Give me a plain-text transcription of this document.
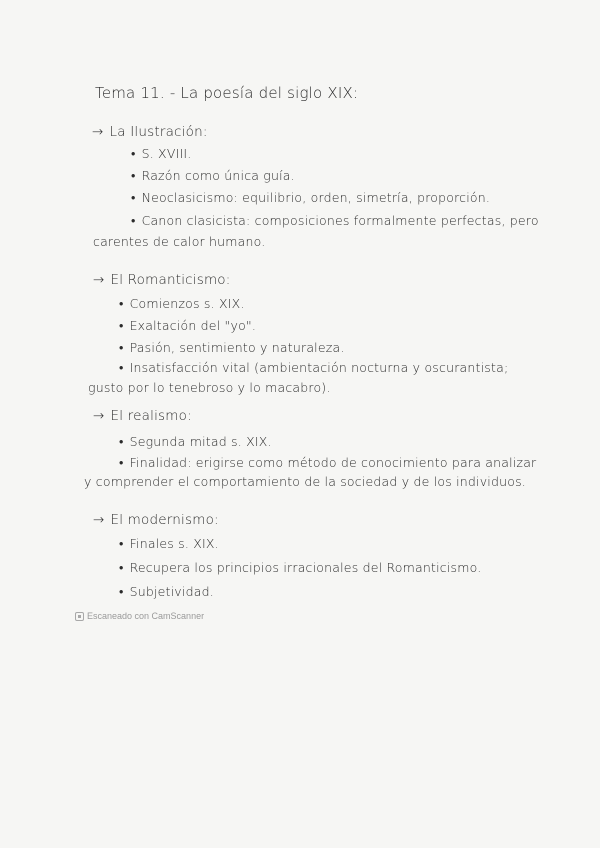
Tema 11. - La poesía del siglo XIX:
→ La Ilustración:
• S. XVIII.
• Razón como única guía.
• Neoclasicismo: equilibrio, orden, simetría, proporción.
• Canon clasicista: composiciones formalmente perfectas, pero
carentes de calor humano.
→ El Romanticismo:
• Comienzos s. XIX.
• Exaltación del "yo".
• Pasión, sentimiento y naturaleza.
• Insatisfacción vital (ambientación nocturna y oscurantista;
gusto por lo tenebroso y lo macabro).
→ El realismo:
• Segunda mitad s. XIX.
• Finalidad: erigirse como método de conocimiento para analizar
y comprender el comportamiento de la sociedad y de los individuos.
→ El modernismo:
• Finales s. XIX.
• Recupera los principios irracionales del Romanticismo.
• Subjetividad.
Escaneado con CamScanner
